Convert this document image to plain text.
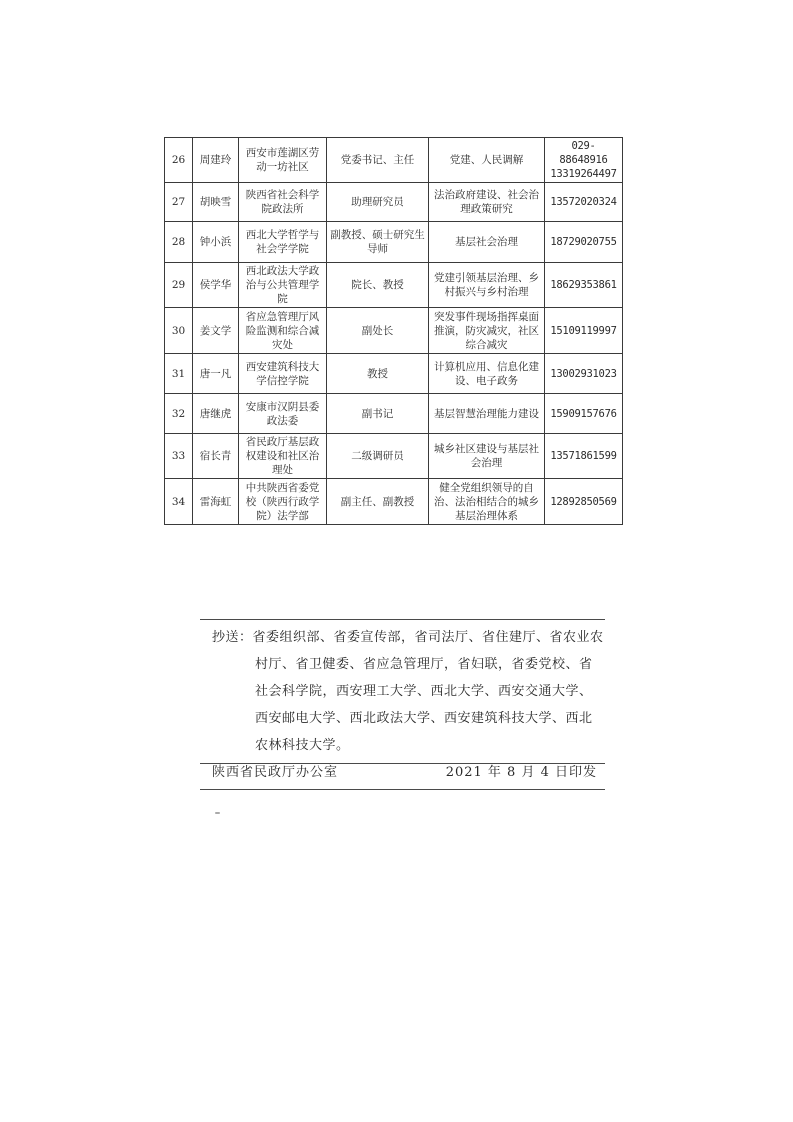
26	周建玲	西安市莲湖区劳动一坊社区	党委书记、主任	党建、人民调解	029-88648916 13319264497
27	胡映雪	陕西省社会科学院政法所	助理研究员	法治政府建设、社会治理政策研究	13572020324
28	钟小浜	西北大学哲学与社会学学院	副教授、硕士研究生导师	基层社会治理	18729020755
29	侯学华	西北政法大学政治与公共管理学院	院长、教授	党建引领基层治理、乡村振兴与乡村治理	18629353861
30	姜文学	省应急管理厅风险监测和综合减灾处	副处长	突发事件现场指挥桌面推演，防灾减灾，社区综合减灾	15109119997
31	唐一凡	西安建筑科技大学信控学院	教授	计算机应用、信息化建设、电子政务	13002931023
32	唐继虎	安康市汉阴县委政法委	副书记	基层智慧治理能力建设	15909157676
33	宿长青	省民政厅基层政权建设和社区治理处	二级调研员	城乡社区建设与基层社会治理	13571861599
34	雷海虹	中共陕西省委党校（陕西行政学院）法学部	副主任、副教授	健全党组织领导的自治、法治相结合的城乡基层治理体系	12892850569
抄送：省委组织部、省委宣传部，省司法厅、省住建厅、省农业农村厅、省卫健委、省应急管理厅，省妇联，省委党校、省社会科学院，西安理工大学、西北大学、西安交通大学、西安邮电大学、西北政法大学、西安建筑科技大学、西北农林科技大学。
陕西省民政厅办公室	2021 年 8 月 4 日印发
